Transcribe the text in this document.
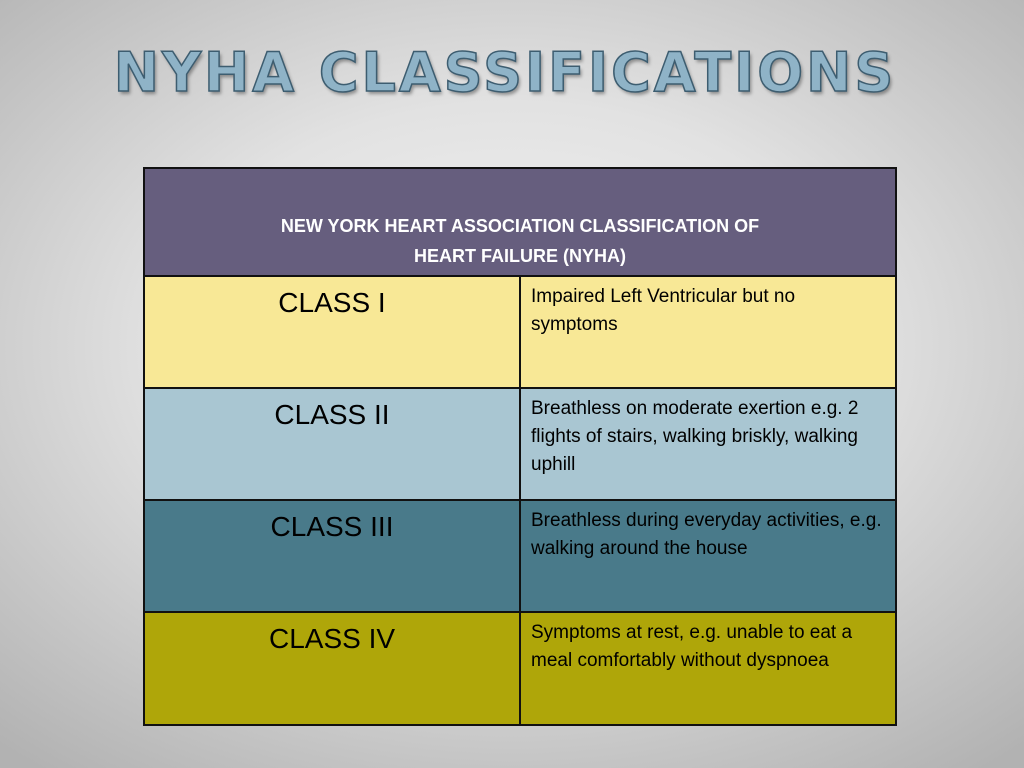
NYHA CLASSIFICATIONS
NEW YORK HEART ASSOCIATION CLASSIFICATION OF
HEART FAILURE (NYHA)	

CLASS I	Impaired Left Ventricular but no symptoms
CLASS II	Breathless on moderate exertion e.g. 2 flights of stairs, walking briskly, walking uphill
CLASS III	Breathless during everyday activities, e.g. walking around the house
CLASS IV	Symptoms at rest, e.g. unable to eat a meal comfortably without dyspnoea
